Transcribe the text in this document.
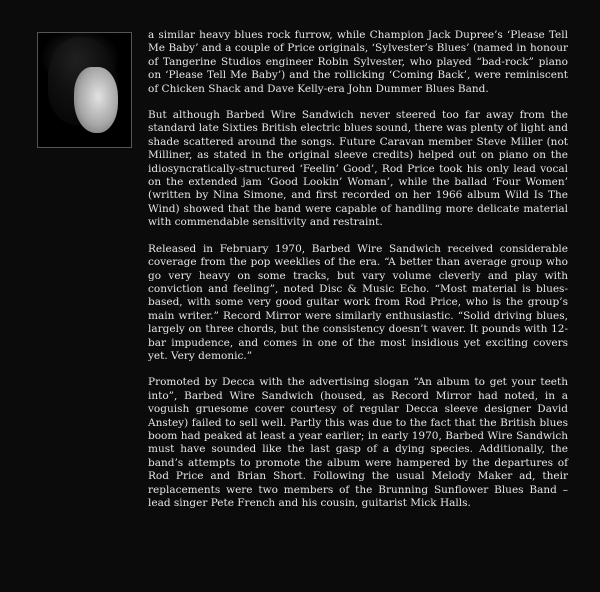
a similar heavy blues rock furrow, while Champion Jack Dupree’s ‘Please Tell Me Baby’ and a couple of Price originals, ‘Sylvester’s Blues’ (named in honour of Tangerine Studios engineer Robin Sylvester, who played “bad-rock” piano on ‘Please Tell Me Baby’) and the rollicking ‘Coming Back’, were reminiscent of Chicken Shack and Dave Kelly-era John Dummer Blues Band.

But although Barbed Wire Sandwich never steered too far away from the standard late Sixties British electric blues sound, there was plenty of light and shade scattered around the songs. Future Caravan member Steve Miller (not Milliner, as stated in the original sleeve credits) helped out on piano on the idiosyncratically-structured ‘Feelin’ Good’, Rod Price took his only lead vocal on the extended jam ‘Good Lookin’ Woman’, while the ballad ‘Four Women’ (written by Nina Simone, and first recorded on her 1966 album Wild Is The Wind) showed that the band were capable of handling more delicate material with commendable sensitivity and restraint.

Released in February 1970, Barbed Wire Sandwich received considerable coverage from the pop weeklies of the era. “A better than average group who go very heavy on some tracks, but vary volume cleverly and play with conviction and feeling”, noted Disc & Music Echo. “Most material is blues-based, with some very good guitar work from Rod Price, who is the group’s main writer.” Record Mirror were similarly enthusiastic. “Solid driving blues, largely on three chords, but the consistency doesn’t waver. It pounds with 12-bar impudence, and comes in one of the most insidious yet exciting covers yet. Very demonic.”

Promoted by Decca with the advertising slogan “An album to get your teeth into”, Barbed Wire Sandwich (housed, as Record Mirror had noted, in a voguish gruesome cover courtesy of regular Decca sleeve designer David Anstey) failed to sell well. Partly this was due to the fact that the British blues boom had peaked at least a year earlier; in early 1970, Barbed Wire Sandwich must have sounded like the last gasp of a dying species. Additionally, the band’s attempts to promote the album were hampered by the departures of Rod Price and Brian Short. Following the usual Melody Maker ad, their replacements were two members of the Brunning Sunflower Blues Band – lead singer Pete French and his cousin, guitarist Mick Halls.
